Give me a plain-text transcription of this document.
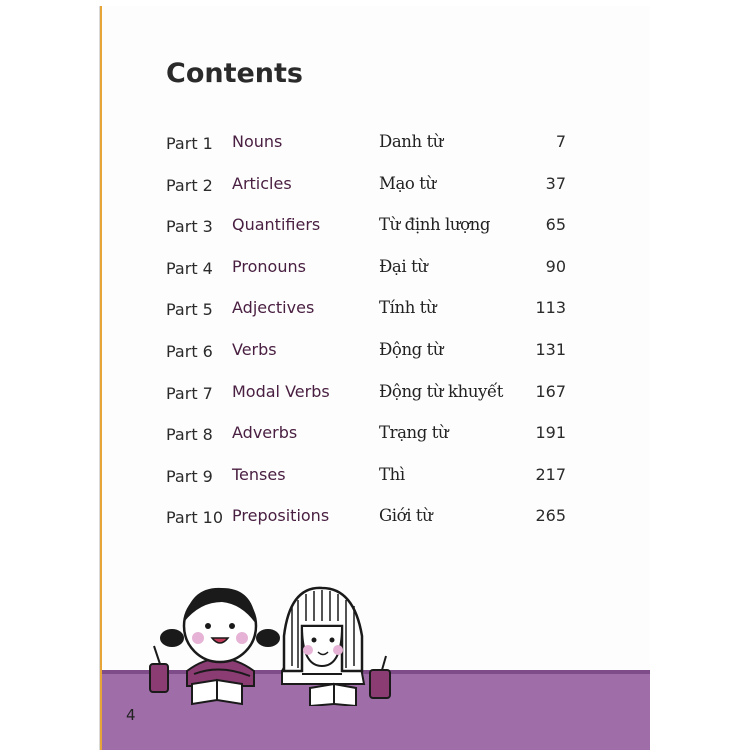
Contents
Part 1 Nouns	Danh từ	7
Part 2 Articles	Mạo từ	37
Part 3 Quantifiers	Từ định lượng	65
Part 4 Pronouns	Đại từ	90
Part 5 Adjectives	Tính từ	113
Part 6 Verbs	Động từ	131
Part 7 Modal Verbs	Động từ khuyết 167
Part 8 Adverbs	Trạng từ	191
Part 9 Tenses	Thì	217
Part 10 Prepositions	Giới từ	265
4
